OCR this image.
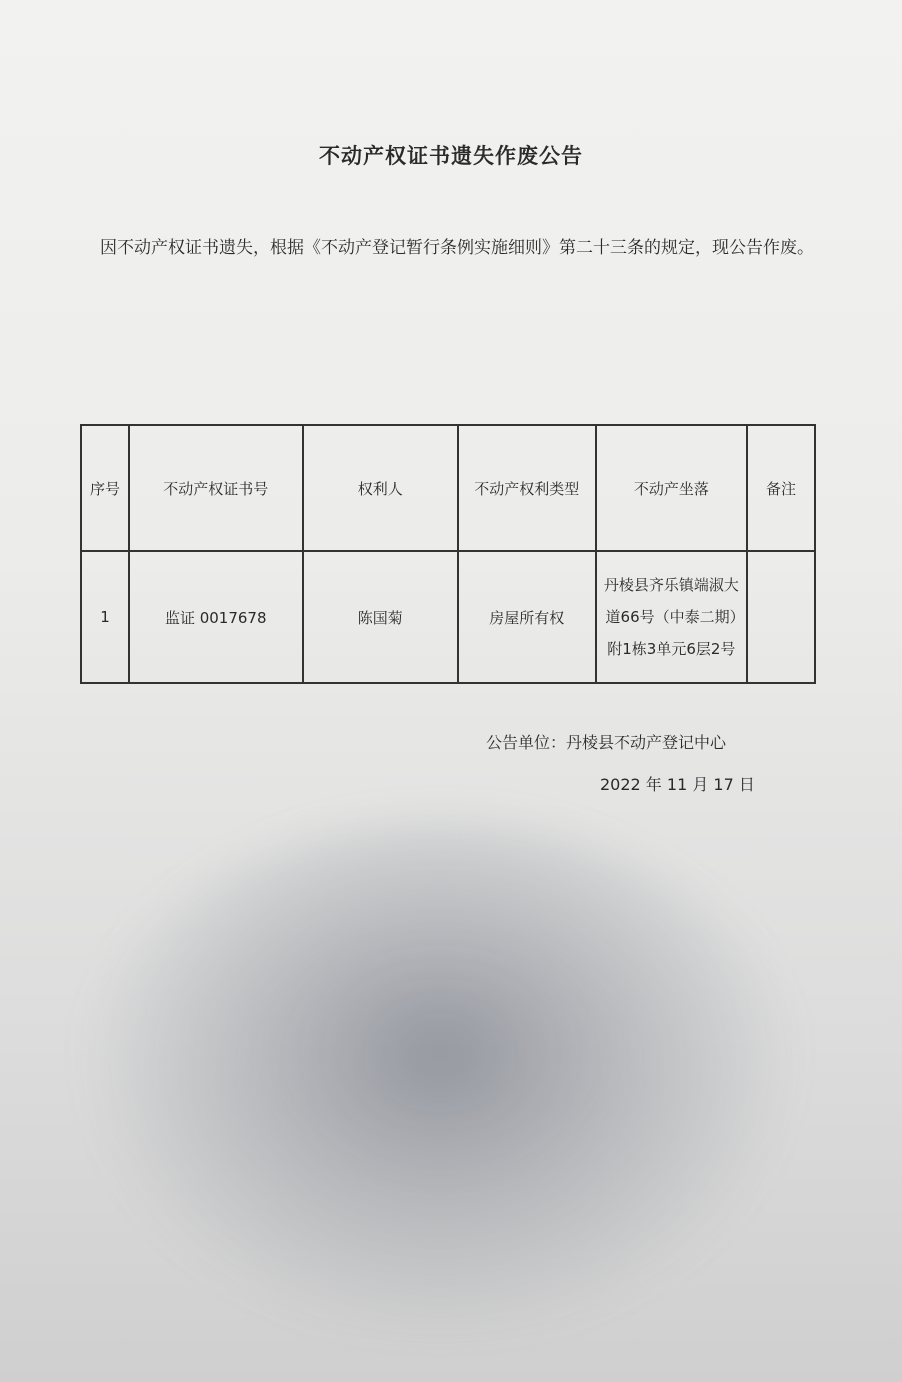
不动产权证书遗失作废公告
因不动产权证书遗失，根据《不动产登记暂行条例实施细则》第二十三条的规定，现公告作废。
序号	不动产权证书号	权利人	不动产权利类型	不动产坐落	备注
1	监证 0017678	陈国菊	房屋所有权	丹棱县齐乐镇端淑大道66号（中泰二期）附1栋3单元6层2号	
公告单位：丹棱县不动产登记中心
2022 年 11 月 17 日
